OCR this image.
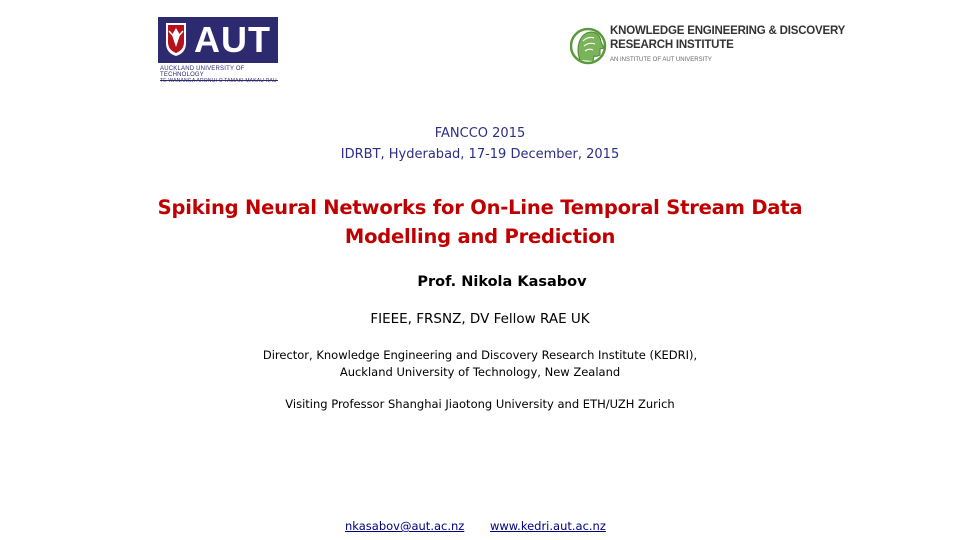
AUT
AUCKLAND UNIVERSITY OF TECHNOLOGY
TE WANANGA ARONUI O TAMAKI MAKAU RAU
KNOWLEDGE ENGINEERING & DISCOVERY
RESEARCH INSTITUTE
AN INSTITUTE OF AUT UNIVERSITY
FANCCO 2015
IDRBT, Hyderabad, 17-19 December, 2015
Spiking Neural Networks for On-Line Temporal Stream Data
Modelling and Prediction
Prof. Nikola Kasabov
FIEEE, FRSNZ, DV Fellow RAE UK
Director, Knowledge Engineering and Discovery Research Institute (KEDRI),
Auckland University of Technology, New Zealand
Visiting Professor Shanghai Jiaotong University and ETH/UZH Zurich
nkasabov@aut.ac.nz www.kedri.aut.ac.nz
